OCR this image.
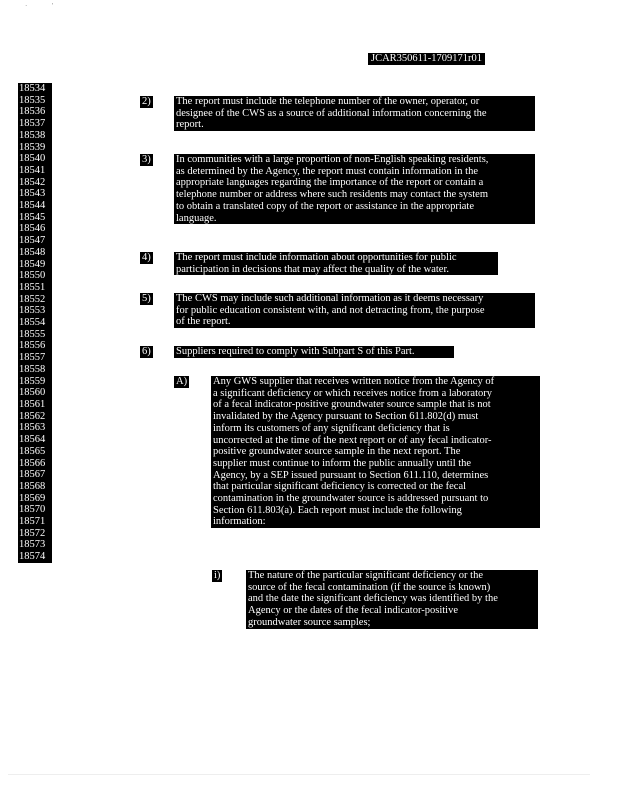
·              '
JCAR350611-1709171r01
18534
18535
18536
18537
18538
18539
18540
18541
18542
18543
18544
18545
18546
18547
18548
18549
18550
18551
18552
18553
18554
18555
18556
18557
18558
18559
18560
18561
18562
18563
18564
18565
18566
18567
18568
18569
18570
18571
18572
18573
18574
2) The report must include the telephone number of the owner, operator, or
designee of the CWS as a source of additional information concerning the
report.
3) In communities with a large proportion of non-English speaking residents,
as determined by the Agency, the report must contain information in the
appropriate languages regarding the importance of the report or contain a
telephone number or address where such residents may contact the system
to obtain a translated copy of the report or assistance in the appropriate
language.
4) The report must include information about opportunities for public
participation in decisions that may affect the quality of the water.
5) The CWS may include such additional information as it deems necessary
for public education consistent with, and not detracting from, the purpose
of the report.
6) Suppliers required to comply with Subpart S of this Part.
A) Any GWS supplier that receives written notice from the Agency of
a significant deficiency or which receives notice from a laboratory
of a fecal indicator-positive groundwater source sample that is not
invalidated by the Agency pursuant to Section 611.802(d) must
inform its customers of any significant deficiency that is
uncorrected at the time of the next report or of any fecal indicator-
positive groundwater source sample in the next report. The
supplier must continue to inform the public annually until the
Agency, by a SEP issued pursuant to Section 611.110, determines
that particular significant deficiency is corrected or the fecal
contamination in the groundwater source is addressed pursuant to
Section 611.803(a). Each report must include the following
information:
i)	The nature of the particular significant deficiency or the
source of the fecal contamination (if the source is known)
and the date the significant deficiency was identified by the
Agency or the dates of the fecal indicator-positive
groundwater source samples;
